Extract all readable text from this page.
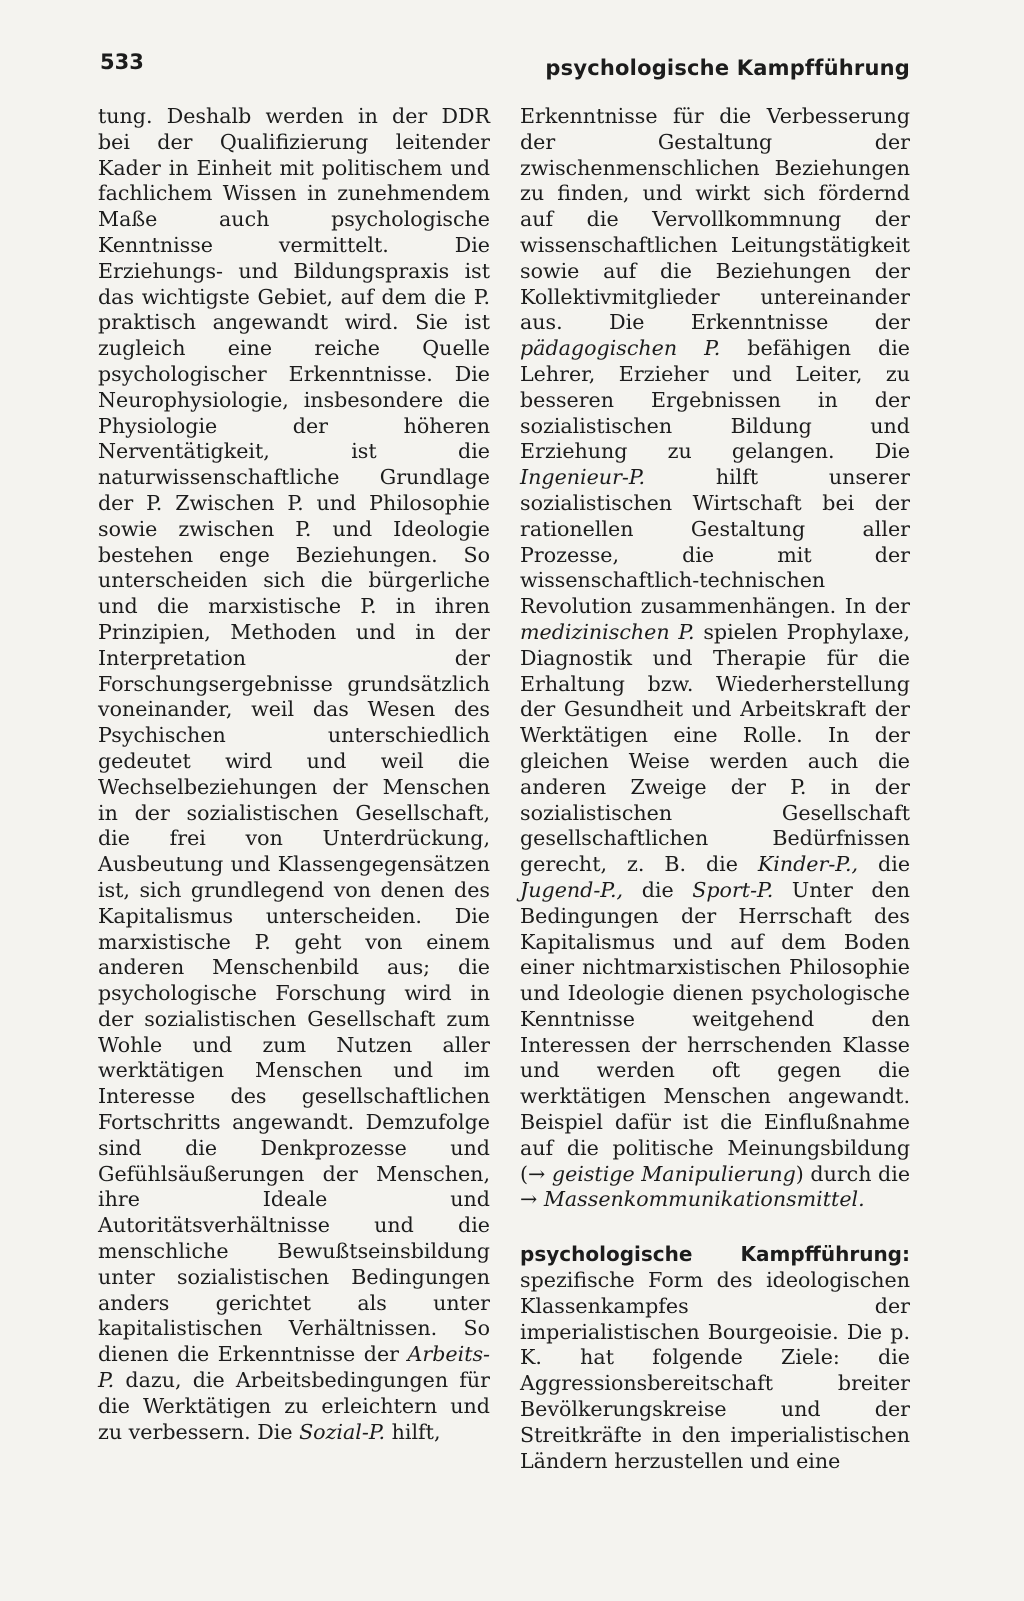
533	psychologische Kampfführung

tung. Deshalb werden in der DDR bei der Qualifizierung leitender Kader in Einheit mit politischem und fachlichem Wissen in zunehmendem Maße auch psychologische Kenntnisse vermittelt. Die Erziehungs- und Bildungspraxis ist das wichtigste Gebiet, auf dem die P. praktisch angewandt wird. Sie ist zugleich eine reiche Quelle psychologischer Erkenntnisse. Die Neurophysiologie, insbesondere die Physiologie der höheren Nerventätigkeit, ist die naturwissenschaftliche Grundlage der P. Zwischen P. und Philosophie sowie zwischen P. und Ideologie bestehen enge Beziehungen. So unterscheiden sich die bürgerliche und die marxistische P. in ihren Prinzipien, Methoden und in der Interpretation der Forschungsergebnisse grundsätzlich voneinander, weil das Wesen des Psychischen unterschiedlich gedeutet wird und weil die Wechselbeziehungen der Menschen in der sozialistischen Gesellschaft, die frei von Unterdrückung, Ausbeutung und Klassengegensätzen ist, sich grundlegend von denen des Kapitalismus unterscheiden. Die marxistische P. geht von einem anderen Menschenbild aus; die psychologische Forschung wird in der sozialistischen Gesellschaft zum Wohle und zum Nutzen aller werktätigen Menschen und im Interesse des gesellschaftlichen Fortschritts angewandt. Demzufolge sind die Denkprozesse und Gefühlsäußerungen der Menschen, ihre Ideale und Autoritätsverhältnisse und die menschliche Bewußtseinsbildung unter sozialistischen Bedingungen anders gerichtet als unter kapitalistischen Verhältnissen. So dienen die Erkenntnisse der Arbeits-P. dazu, die Arbeitsbedingungen für die Werktätigen zu erleichtern und zu verbessern. Die Sozial-P. hilft,

Erkenntnisse für die Verbesserung der Gestaltung der zwischenmenschlichen Beziehungen zu finden, und wirkt sich fördernd auf die Vervollkommnung der wissenschaftlichen Leitungstätigkeit sowie auf die Beziehungen der Kollektivmitglieder untereinander aus. Die Erkenntnisse der pädagogischen P. befähigen die Lehrer, Erzieher und Leiter, zu besseren Ergebnissen in der sozialistischen Bildung und Erziehung zu gelangen. Die Ingenieur-P.	hilft unserer sozialistischen Wirtschaft bei der rationellen Gestaltung aller Prozesse, die mit der wissenschaftlich-technischen Revolution zusammenhängen. In der medizinischen P. spielen Prophylaxe, Diagnostik und Therapie für die Erhaltung bzw. Wiederherstellung der Gesundheit und Arbeitskraft der Werktätigen eine Rolle. In der gleichen Weise werden auch die anderen Zweige der P. in der sozialistischen Gesellschaft gesellschaftlichen Bedürfnissen gerecht, z. B. die Kinder-P., die Jugend-P., die Sport-P. Unter den Bedingungen der Herrschaft des Kapitalismus und auf dem Boden einer nichtmarxistischen Philosophie und Ideologie dienen psychologische Kenntnisse weitgehend den Interessen der herrschenden Klasse und werden oft gegen die werktätigen Menschen angewandt. Beispiel dafür ist die Einflußnahme auf die politische Meinungsbildung (→ geistige Manipulierung) durch die → Massenkommunikationsmittel.

psychologische Kampfführung: spezifische Form des ideologischen Klassenkampfes der imperialistischen Bourgeoisie. Die p. K. hat folgende Ziele: die Aggressionsbereitschaft breiter Bevölkerungskreise und der Streitkräfte in den imperialistischen Ländern herzustellen und eine
